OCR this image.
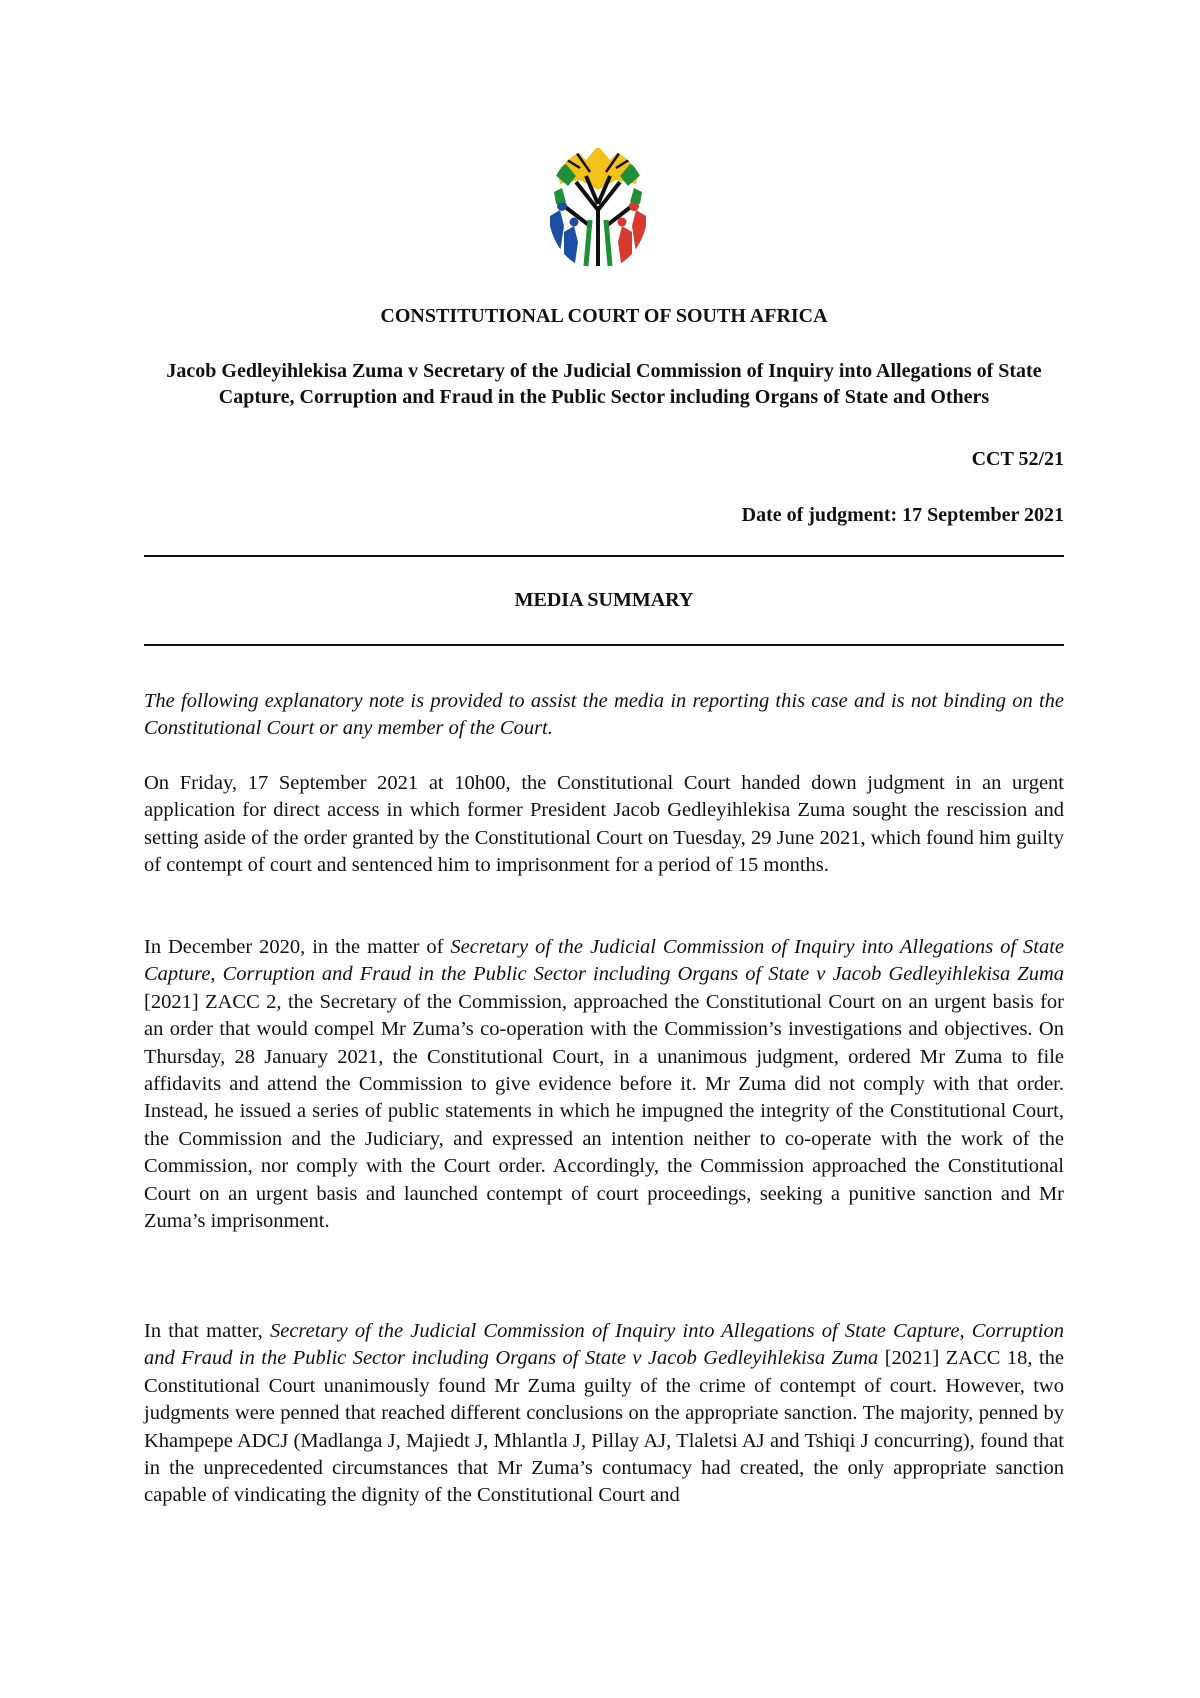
CONSTITUTIONAL COURT OF SOUTH AFRICA
Jacob Gedleyihlekisa Zuma v Secretary of the Judicial Commission of Inquiry into Allegations of State Capture, Corruption and Fraud in the Public Sector including Organs of State and Others
CCT 52/21
Date of judgment: 17 September 2021
MEDIA SUMMARY
The following explanatory note is provided to assist the media in reporting this case and is not binding on the Constitutional Court or any member of the Court.

On Friday, 17 September 2021 at 10h00, the Constitutional Court handed down judgment in an urgent application for direct access in which former President Jacob Gedleyihlekisa Zuma sought the rescission and setting aside of the order granted by the Constitutional Court on Tuesday, 29 June 2021, which found him guilty of contempt of court and sentenced him to imprisonment for a period of 15 months.

In December 2020, in the matter of Secretary of the Judicial Commission of Inquiry into Allegations of State Capture, Corruption and Fraud in the Public Sector including Organs of State v Jacob Gedleyihlekisa Zuma [2021] ZACC 2, the Secretary of the Commission, approached the Constitutional Court on an urgent basis for an order that would compel Mr Zuma’s co-operation with the Commission’s investigations and objectives. On Thursday, 28 January 2021, the Constitutional Court, in a unanimous judgment, ordered Mr Zuma to file affidavits and attend the Commission to give evidence before it. Mr Zuma did not comply with that order. Instead, he issued a series of public statements in which he impugned the integrity of the Constitutional Court, the Commission and the Judiciary, and expressed an intention neither to co-operate with the work of the Commission, nor comply with the Court order. Accordingly, the Commission approached the Constitutional Court on an urgent basis and launched contempt of court proceedings, seeking a punitive sanction and Mr Zuma’s imprisonment.

In that matter, Secretary of the Judicial Commission of Inquiry into Allegations of State Capture, Corruption and Fraud in the Public Sector including Organs of State v Jacob Gedleyihlekisa Zuma [2021] ZACC 18, the Constitutional Court unanimously found Mr Zuma guilty of the crime of contempt of court. However, two judgments were penned that reached different conclusions on the appropriate sanction. The majority, penned by Khampepe ADCJ (Madlanga J, Majiedt J, Mhlantla J, Pillay AJ, Tlaletsi AJ and Tshiqi J concurring), found that in the unprecedented circumstances that Mr Zuma’s contumacy had created, the only appropriate sanction capable of vindicating the dignity of the Constitutional Court and
